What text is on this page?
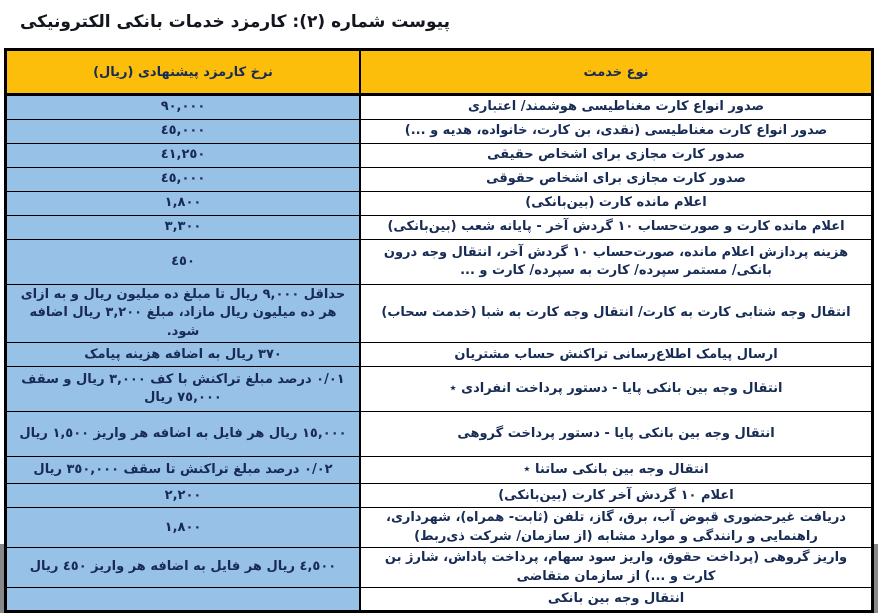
پیوست شماره (٢): کارمزد خدمات بانکی الکترونیکی
نوع خدمت	نرخ کارمزد پیشنهادی (ریال)
صدور انواع کارت مغناطیسی هوشمند/ اعتباری	٩٠,٠٠٠
صدور انواع کارت مغناطیسی (نقدی، بن کارت، خانواده، هدیه و ...)	٤٥,٠٠٠
صدور کارت مجازی برای اشخاص حقیقی	٤١,٢٥٠
صدور کارت مجازی برای اشخاص حقوقی	٤٥,٠٠٠
اعلام مانده کارت (بین‌بانکی)	١,٨٠٠
اعلام مانده کارت و صورت‌حساب ١٠ گردش آخر - پایانه شعب (بین‌بانکی)	٣,٣٠٠
هزینه پردازش اعلام مانده، صورت‌حساب ١٠ گردش آخر، انتقال وجه درون بانکی/ مستمر سپرده/ کارت به سپرده/ کارت و ...	٤٥٠
انتقال وجه شتابی کارت به کارت/ انتقال وجه کارت به شبا (خدمت سحاب)	حداقل ٩,٠٠٠ ریال تا مبلغ ده میلیون ریال و به ازای هر ده میلیون ریال مازاد، مبلغ ٣,٢٠٠ ریال اضافه شود.
ارسال پیامک اطلاع‌رسانی تراکنش حساب مشتریان	٣٧٠ ریال به اضافه هزینه پیامک
انتقال وجه بین بانکی پایا - دستور پرداخت انفرادی ٭	٠/٠١ درصد مبلغ تراکنش با کف ٣,٠٠٠ ریال و سقف ٧٥,٠٠٠ ریال
انتقال وجه بین بانکی پایا - دستور پرداخت گروهی	١٥,٠٠٠ ریال هر فایل به اضافه هر واریز ١,٥٠٠ ریال
انتقال وجه بین بانکی ساتنا ٭	٠/٠٢ درصد مبلغ تراکنش تا سقف ٣٥٠,٠٠٠ ریال
اعلام ١٠ گردش آخر کارت (بین‌بانکی)	٢,٢٠٠
دریافت غیرحضوری قبوض آب، برق، گاز، تلفن (ثابت- همراه)، شهرداری، راهنمایی و رانندگی و موارد مشابه (از سازمان/ شرکت ذی‌ربط)	١,٨٠٠
واریز گروهی (پرداخت حقوق، واریز سود سهام، پرداخت پاداش، شارژ بن کارت و ...) از سازمان متقاضی	٤,٥٠٠ ریال هر فایل به اضافه هر واریز ٤٥٠ ریال
انتقال وجه بین بانکی	
